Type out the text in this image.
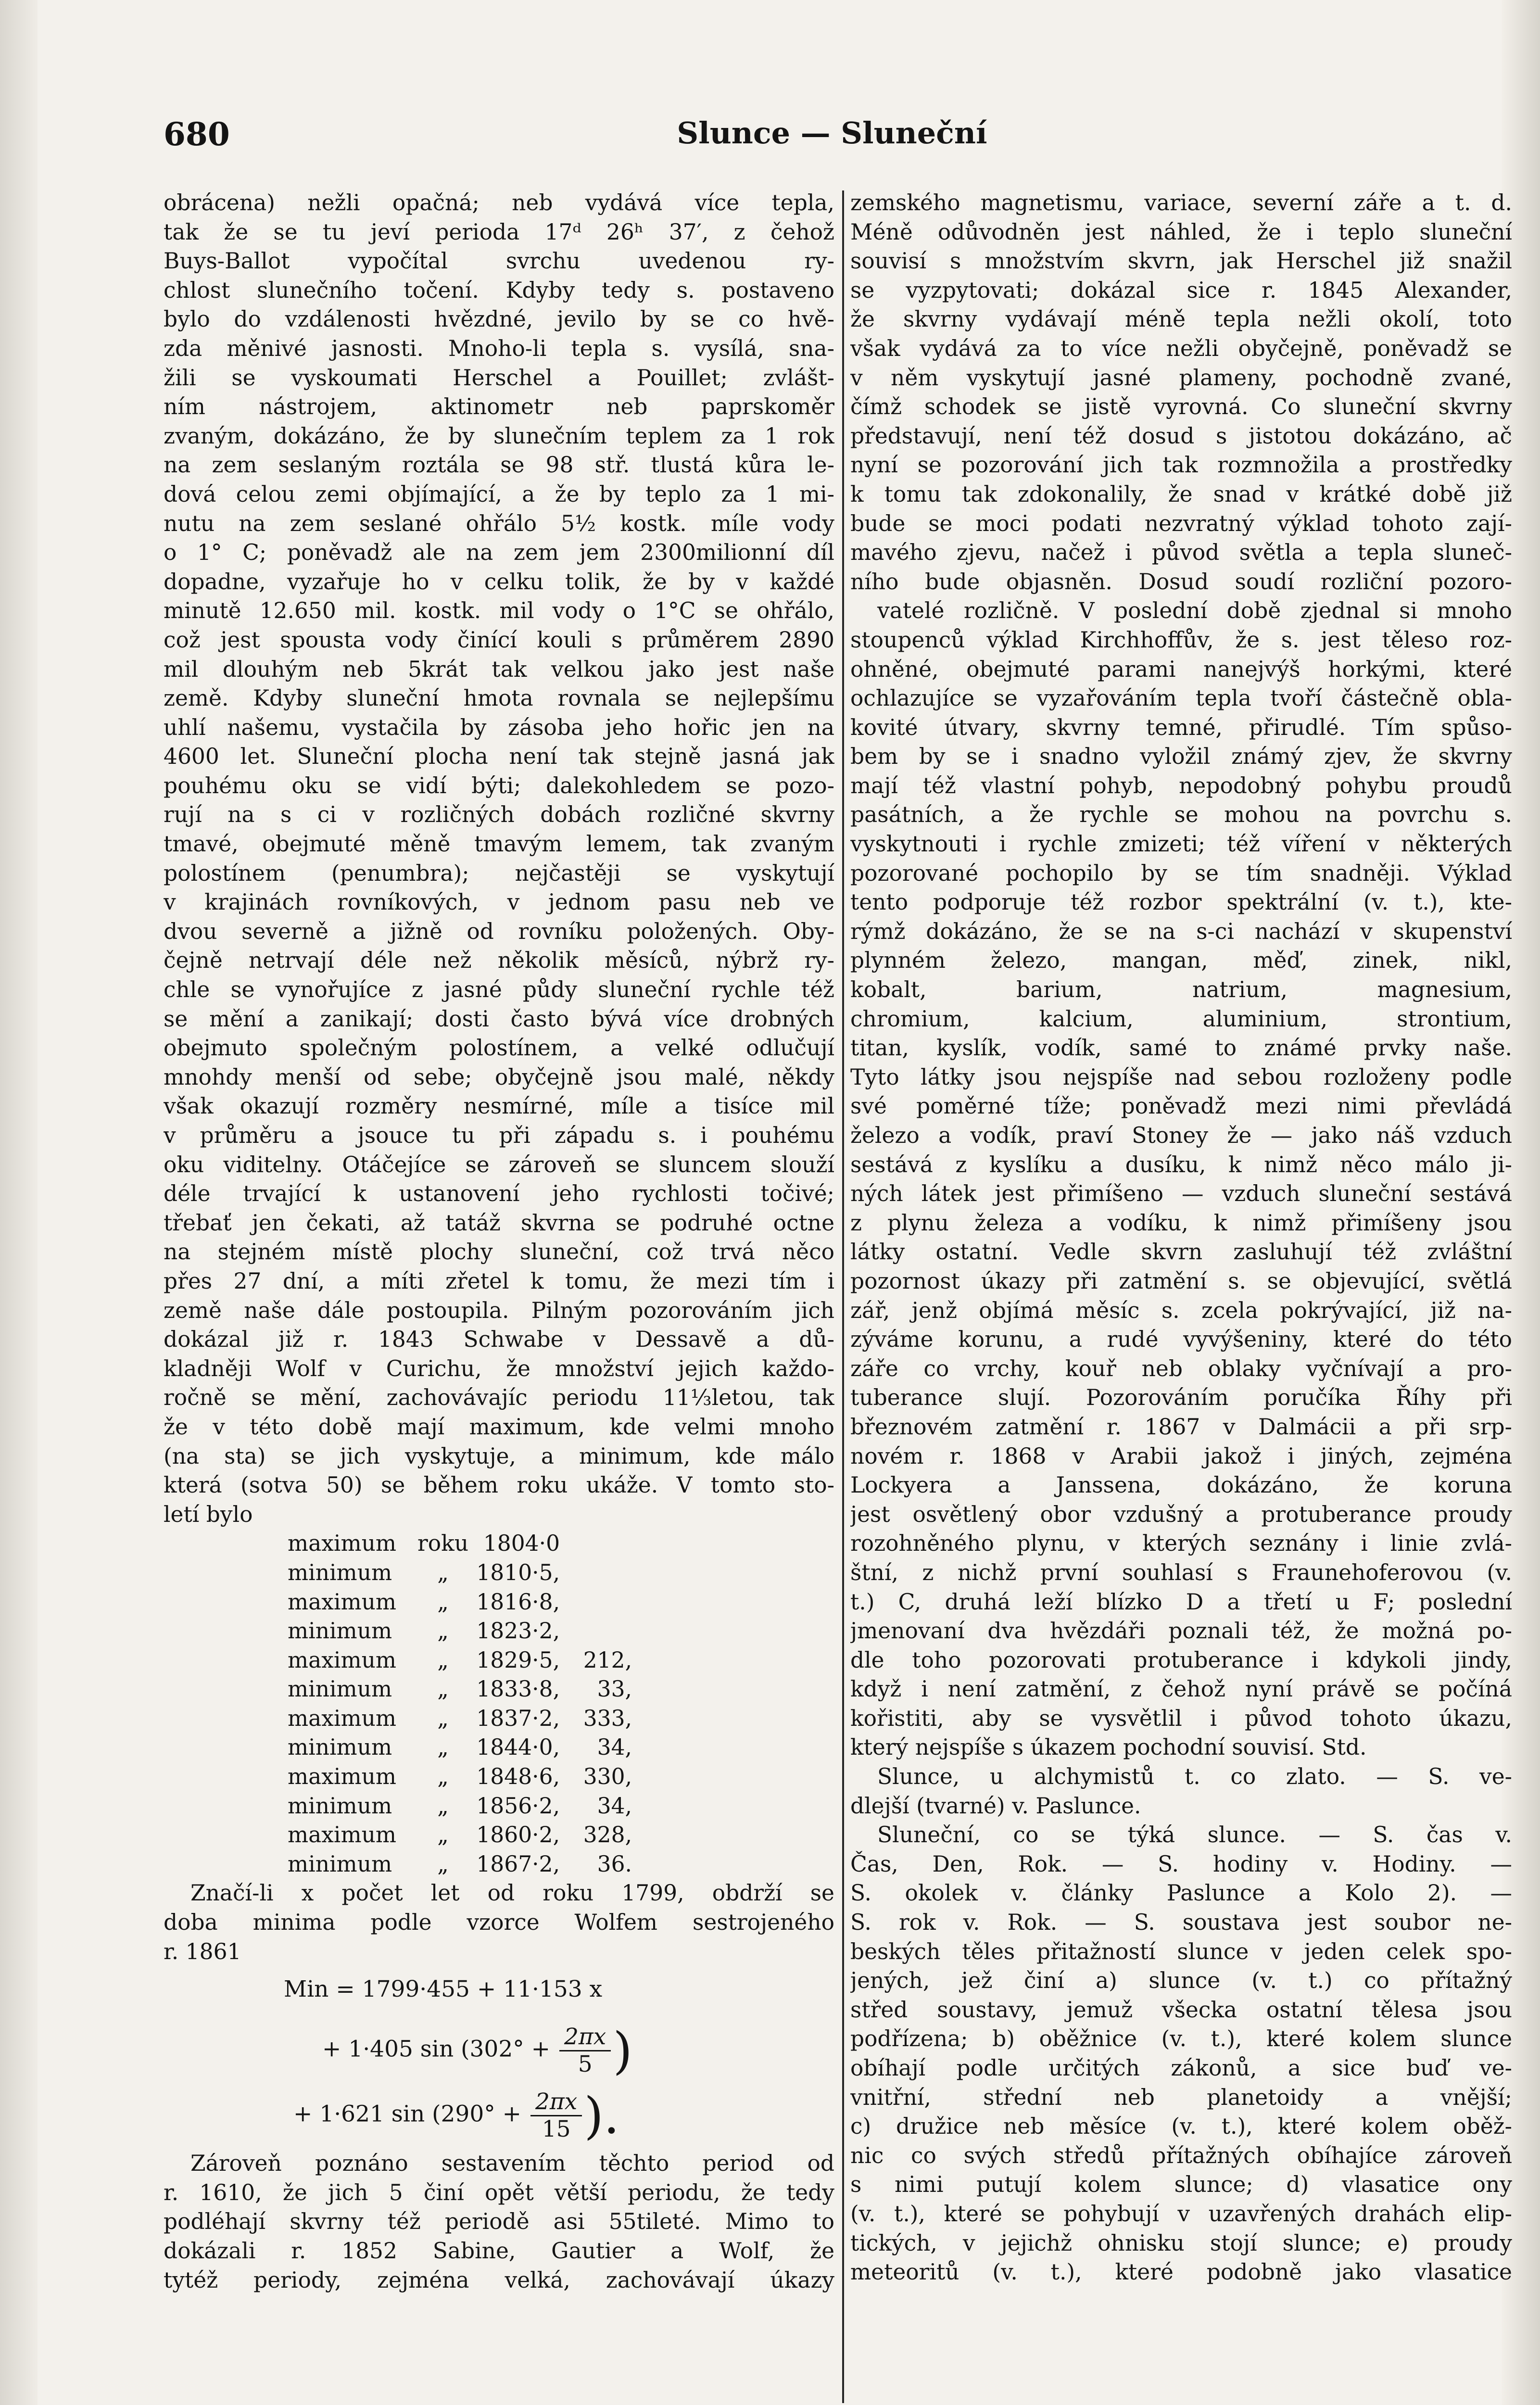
680	Slunce — Sluneční
obrácena) nežli opačná; neb vydává více tepla,
tak že se tu jeví perioda 17ᵈ 26ʰ 37′, z čehož
Buys-Ballot vypočítal svrchu uvedenou ry-
chlost slunečního točení. Kdyby tedy s. postaveno
bylo do vzdálenosti hvězdné, jevilo by se co hvě-
zda měnivé jasnosti. Mnoho-li tepla s. vysílá, sna-
žili se vyskoumati Herschel a Pouillet; zvlášt-
ním nástrojem, aktinometr neb paprskoměr
zvaným, dokázáno, že by slunečním teplem za 1 rok
na zem seslaným roztála se 98 stř. tlustá kůra le-
dová celou zemi objímající, a že by teplo za 1 mi-
nutu na zem seslané ohřálo 5½ kostk. míle vody
o 1° C; poněvadž ale na zem jem 2300milionní díl
dopadne, vyzařuje ho v celku tolik, že by v každé
minutě 12.650 mil. kostk. mil vody o 1°C se ohřálo,
což jest spousta vody činící kouli s průměrem 2890
mil dlouhým neb 5krát tak velkou jako jest naše
země. Kdyby sluneční hmota rovnala se nejlepšímu
uhlí našemu, vystačila by zásoba jeho hořic jen na
4600 let. Sluneční plocha není tak stejně jasná jak
pouhému oku se vidí býti; dalekohledem se pozo-
rují na s ci v rozličných dobách rozličné skvrny
tmavé, obejmuté měně tmavým lemem, tak zvaným
polostínem (penumbra); nejčastěji se vyskytují
v krajinách rovníkových, v jednom pasu neb ve
dvou severně a jižně od rovníku položených. Oby-
čejně netrvají déle než několik měsíců, nýbrž ry-
chle se vynořujíce z jasné půdy sluneční rychle též
se mění a zanikají; dosti často bývá více drobných
obejmuto společným polostínem, a velké odlučují
mnohdy menší od sebe; obyčejně jsou malé, někdy
však okazují rozměry nesmírné, míle a tisíce mil
v průměru a jsouce tu při západu s. i pouhému
oku viditelny. Otáčejíce se zároveň se sluncem slouží
déle trvající k ustanovení jeho rychlosti točivé;
třebať jen čekati, až tatáž skvrna se podruhé octne
na stejném místě plochy sluneční, což trvá něco
přes 27 dní, a míti zřetel k tomu, že mezi tím i
země naše dále postoupila. Pilným pozorováním jich
dokázal již r. 1843 Schwabe v Dessavě a dů-
kladněji Wolf v Curichu, že množství jejich každo-
ročně se mění, zachovávajíc periodu 11⅓letou, tak
že v této době mají maximum, kde velmi mnoho
(na sta) se jich vyskytuje, a minimum, kde málo
která (sotva 50) se během roku ukáže. V tomto sto-
letí bylo
maximum	roku	1804·0	
minimum	„	1810·5,	
maximum	„	1816·8,	
minimum	„	1823·2,	
maximum	„	1829·5,	212,
minimum	„	1833·8,	33,
maximum	„	1837·2,	333,
minimum	„	1844·0,	34,
maximum	„	1848·6,	330,
minimum	„	1856·2,	34,
maximum	„	1860·2,	328,
minimum	„	1867·2,	36.
Značí-li x počet let od roku 1799, obdrží se
doba minima podle vzorce Wolfem sestrojeného
r. 1861
Min = 1799·455 + 11·153 x
+ 1·405 $\sin (302^\circ + \frac{2\pi x}{5}$ )
+ 1·621 $\sin (290^\circ + \frac{2\pi x}{15}$ ).
Zároveň poznáno sestavením těchto period od
r. 1610, že jich 5 činí opět větší periodu, že tedy
podléhají skvrny též periodě asi 55tileté. Mimo to
dokázali r. 1852 Sabine, Gautier a Wolf, že
tytéž periody, zejména velká, zachovávají úkazy
zemského magnetismu, variace, severní záře a t. d.
Méně odůvodněn jest náhled, že i teplo sluneční
souvisí s množstvím skvrn, jak Herschel již snažil
se vyzpytovati; dokázal sice r. 1845 Alexander,
že skvrny vydávají méně tepla nežli okolí, toto
však vydává za to více nežli obyčejně, poněvadž se
v něm vyskytují jasné plameny, pochodně zvané,
čímž schodek se jistě vyrovná. Co sluneční skvrny
představují, není též dosud s jistotou dokázáno, ač
nyní se pozorování jich tak rozmnožila a prostředky
k tomu tak zdokonalily, že snad v krátké době již
bude se moci podati nezvratný výklad tohoto zají-
mavého zjevu, načež i původ světla a tepla sluneč-
ního bude objasněn. Dosud soudí rozliční pozoro-
vatelé rozličně. V poslední době zjednal si mnoho
stoupenců výklad Kirchhoffův, že s. jest těleso roz-
ohněné, obejmuté parami nanejvýš horkými, které
ochlazujíce se vyzařováním tepla tvoří částečně obla-
kovité útvary, skvrny temné, přirudlé. Tím spůso-
bem by se i snadno vyložil známý zjev, že skvrny
mají též vlastní pohyb, nepodobný pohybu proudů
pasátních, a že rychle se mohou na povrchu s.
vyskytnouti i rychle zmizeti; též víření v některých
pozorované pochopilo by se tím snadněji. Výklad
tento podporuje též rozbor spektrální (v. t.), kte-
rýmž dokázáno, že se na s-ci nachází v skupenství
plynném železo, mangan, měď, zinek, nikl,
kobalt, barium, natrium, magnesium,
chromium, kalcium, aluminium, strontium,
titan, kyslík, vodík, samé to známé prvky naše.
Tyto látky jsou nejspíše nad sebou rozloženy podle
své poměrné tíže; poněvadž mezi nimi převládá
železo a vodík, praví Stoney že — jako náš vzduch
sestává z kyslíku a dusíku, k nimž něco málo ji-
ných látek jest přimíšeno — vzduch sluneční sestává
z plynu železa a vodíku, k nimž přimíšeny jsou
látky ostatní. Vedle skvrn zasluhují též zvláštní
pozornost úkazy při zatmění s. se objevující, světlá
zář, jenž objímá měsíc s. zcela pokrývající, již na-
zýváme korunu, a rudé vyvýšeniny, které do této
záře co vrchy, kouř neb oblaky vyčnívají a pro-
tuberance slují. Pozorováním poručíka Říhy při
březnovém zatmění r. 1867 v Dalmácii a při srp-
novém r. 1868 v Arabii jakož i jiných, zejména
Lockyera a Janssena, dokázáno, že koruna
jest osvětlený obor vzdušný a protuberance proudy
rozohněného plynu, v kterých seznány i linie zvlá-
štní, z nichž první souhlasí s Fraunehoferovou (v.
t.) C, druhá leží blízko D a třetí u F; poslední
jmenovaní dva hvězdáři poznali též, že možná po-
dle toho pozorovati protuberance i kdykoli jindy,
když i není zatmění, z čehož nyní právě se počíná
kořistiti, aby se vysvětlil i původ tohoto úkazu,
který nejspíše s úkazem pochodní souvisí. Std.
Slunce, u alchymistů t. co zlato. — S. ve-
dlejší (tvarné) v. Paslunce.
Sluneční, co se týká slunce. — S. čas v.
Čas, Den, Rok. — S. hodiny v. Hodiny. —
S. okolek v. články Paslunce a Kolo 2). —
S. rok v. Rok. — S. soustava jest soubor ne-
beských těles přitažností slunce v jeden celek spo-
jených, jež činí a) slunce (v. t.) co přítažný
střed soustavy, jemuž všecka ostatní tělesa jsou
podřízena; b) oběžnice (v. t.), které kolem slunce
obíhají podle určitých zákonů, a sice buď ve-
vnitřní, střední neb planetoidy a vnější;
c) družice neb měsíce (v. t.), které kolem oběž-
nic co svých středů přítažných obíhajíce zároveň
s nimi putují kolem slunce; d) vlasatice ony
(v. t.), které se pohybují v uzavřených drahách elip-
tických, v jejichž ohnisku stojí slunce; e) proudy
meteoritů (v. t.), které podobně jako vlasatice
